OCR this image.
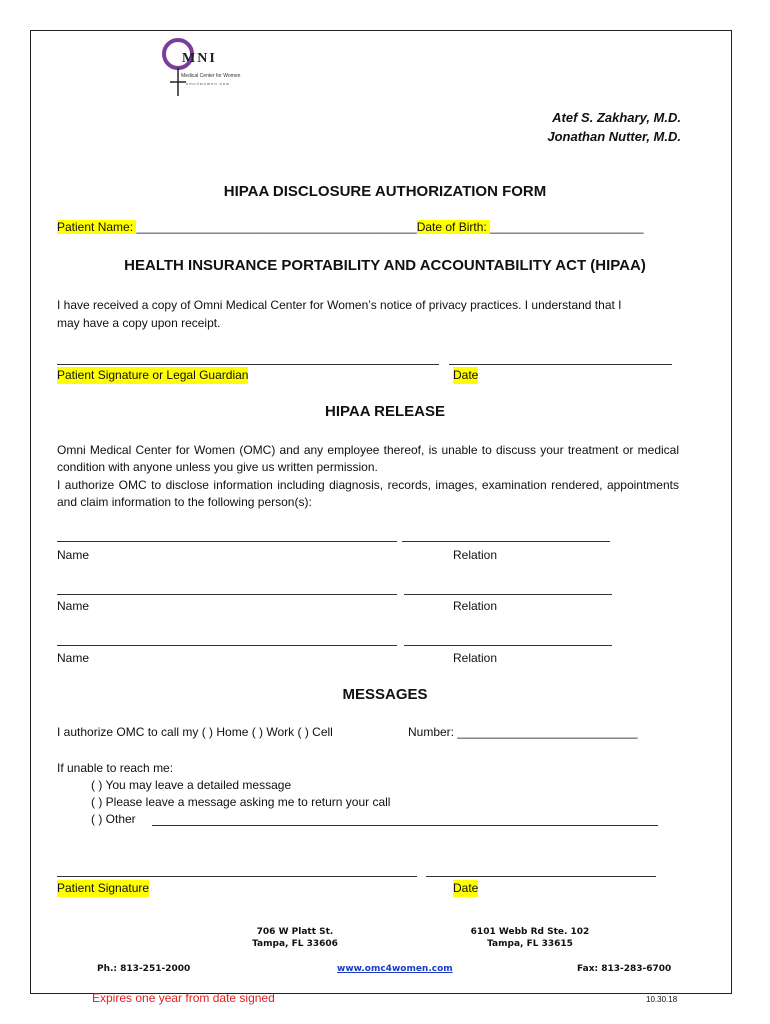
MNI
Medical Center for Women
omc4women.com
Atef S. Zakhary, M.D.
Jonathan Nutter, M.D.
HIPAA DISCLOSURE AUTHORIZATION FORM
Patient Name: __________________________________________Date of Birth: _______________________
HEALTH INSURANCE PORTABILITY AND ACCOUNTABILITY ACT (HIPAA)
I have received a copy of Omni Medical Center for Women’s notice of privacy practices. I understand that I
may have a copy upon receipt.
Patient Signature or Legal Guardian	Date
HIPAA RELEASE
Omni Medical Center for Women (OMC) and any employee thereof, is unable to discuss your treatment or medical condition with anyone unless you give us written permission.
I authorize OMC to disclose information including diagnosis, records, images, examination rendered, appointments and claim information to the following person(s):
Name	Relation
Name	Relation
Name	Relation
MESSAGES
I authorize OMC to call my ( ) Home ( ) Work ( ) Cell	Number: ___________________________
If unable to reach me:
( ) You may leave a detailed message
( ) Please leave a message asking me to return your call
( ) Other
Patient Signature	Date
706 W Platt St.
Tampa, FL 33606
6101 Webb Rd Ste. 102
Tampa, FL 33615
Ph.: 813-251-2000	www.omc4women.com	Fax: 813-283-6700
Expires one year from date signed	10.30.18
